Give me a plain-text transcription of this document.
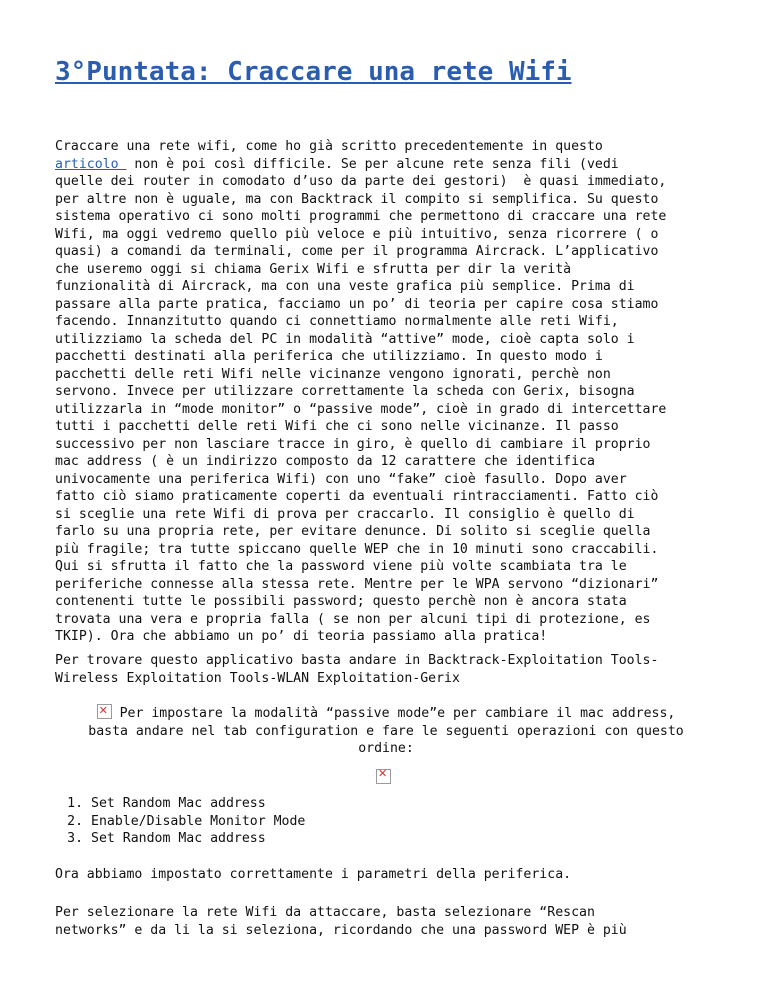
3°Puntata: Craccare una rete Wifi

Craccare una rete wifi, come ho già scritto precedentemente in questo
articolo  non è poi così difficile. Se per alcune rete senza fili (vedi
quelle dei router in comodato d’uso da parte dei gestori)  è quasi immediato,
per altre non è uguale, ma con Backtrack il compito si semplifica. Su questo
sistema operativo ci sono molti programmi che permettono di craccare una rete
Wifi, ma oggi vedremo quello più veloce e più intuitivo, senza ricorrere ( o
quasi) a comandi da terminali, come per il programma Aircrack. L’applicativo
che useremo oggi si chiama Gerix Wifi e sfrutta per dir la verità
funzionalità di Aircrack, ma con una veste grafica più semplice. Prima di
passare alla parte pratica, facciamo un po’ di teoria per capire cosa stiamo
facendo. Innanzitutto quando ci connettiamo normalmente alle reti Wifi,
utilizziamo la scheda del PC in modalità “attive” mode, cioè capta solo i
pacchetti destinati alla periferica che utilizziamo. In questo modo i
pacchetti delle reti Wifi nelle vicinanze vengono ignorati, perchè non
servono. Invece per utilizzare correttamente la scheda con Gerix, bisogna
utilizzarla in “mode monitor” o “passive mode”, cioè in grado di intercettare
tutti i pacchetti delle reti Wifi che ci sono nelle vicinanze. Il passo
successivo per non lasciare tracce in giro, è quello di cambiare il proprio
mac address ( è un indirizzo composto da 12 carattere che identifica
univocamente una periferica Wifi) con uno “fake” cioè fasullo. Dopo aver
fatto ciò siamo praticamente coperti da eventuali rintracciamenti. Fatto ciò
si sceglie una rete Wifi di prova per craccarlo. Il consiglio è quello di
farlo su una propria rete, per evitare denunce. Di solito si sceglie quella
più fragile; tra tutte spiccano quelle WEP che in 10 minuti sono craccabili.
Qui si sfrutta il fatto che la password viene più volte scambiata tra le
periferiche connesse alla stessa rete. Mentre per le WPA servono “dizionari”
contenenti tutte le possibili password; questo perchè non è ancora stata
trovata una vera e propria falla ( se non per alcuni tipi di protezione, es
TKIP). Ora che abbiamo un po’ di teoria passiamo alla pratica!

Per trovare questo applicativo basta andare in Backtrack-Exploitation Tools-
Wireless Exploitation Tools-WLAN Exploitation-Gerix

✕ Per impostare la modalità “passive mode”e per cambiare il mac address,
basta andare nel tab configuration e fare le seguenti operazioni con questo
ordine:

✕
1. Set Random Mac address
2. Enable/Disable Monitor Mode
3. Set Random Mac address

Ora abbiamo impostato correttamente i parametri della periferica.

Per selezionare la rete Wifi da attaccare, basta selezionare “Rescan
networks” e da li la si seleziona, ricordando che una password WEP è più
